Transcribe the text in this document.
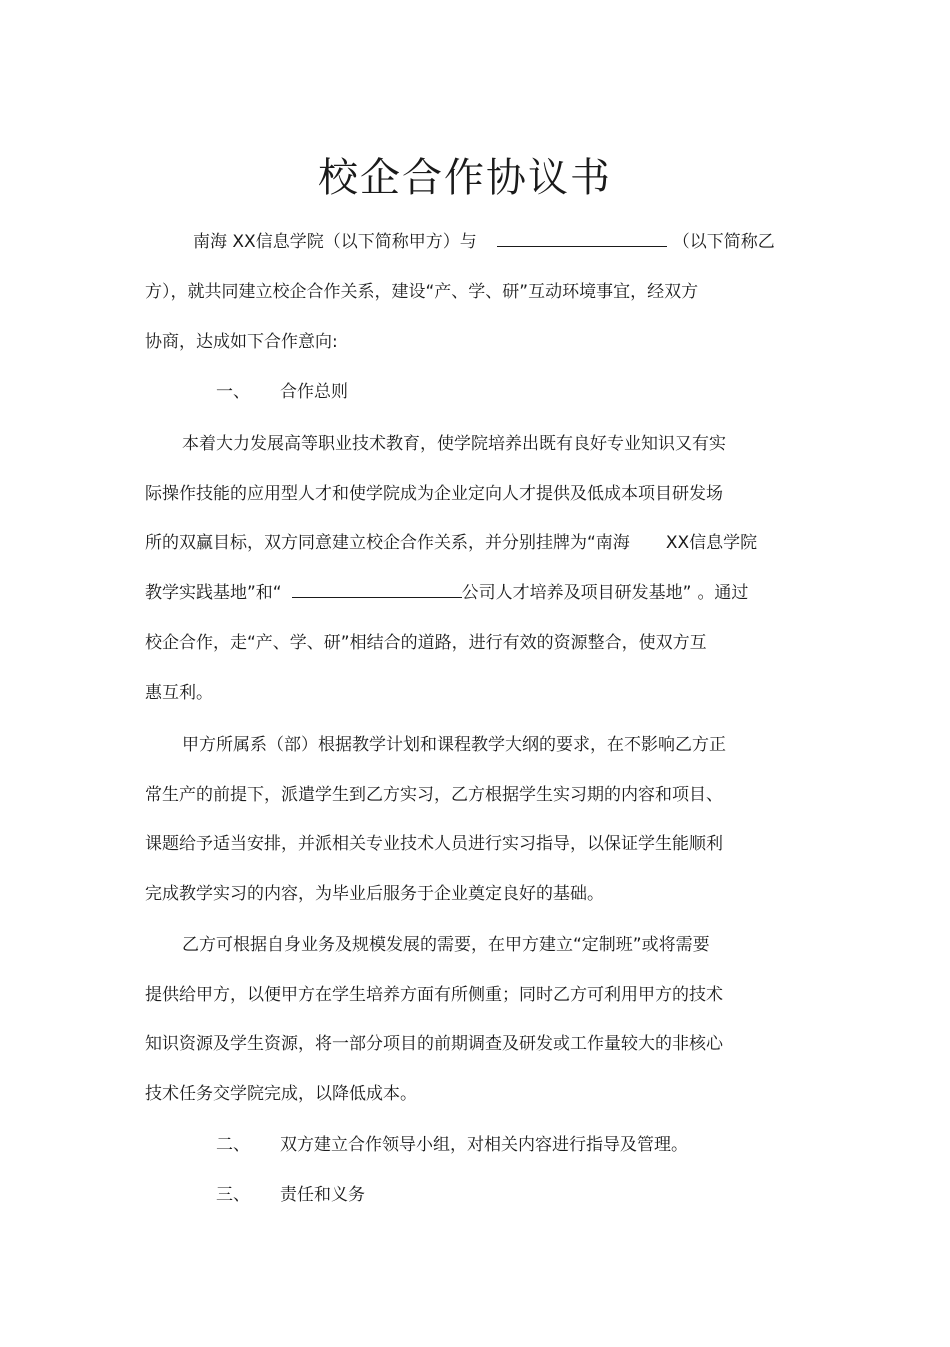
校企合作协议书
南海 XX信息学院（以下简称甲方）与	（以下简称乙
方），就共同建立校企合作关系，建设“产、学、研”互动环境事宜，经双方
协商，达成如下合作意向:
一、 合作总则
本着大力发展高等职业技术教育，使学院培养出既有良好专业知识又有实
际操作技能的应用型人才和使学院成为企业定向人才提供及低成本项目研发场
所的双赢目标，双方同意建立校企合作关系，并分别挂牌为“南海 XX信息学院
教学实践基地”和“	公司人才培养及项目研发基地” 。通过
校企合作，走“产、学、研”相结合的道路，进行有效的资源整合，使双方互
惠互利。
甲方所属系（部）根据教学计划和课程教学大纲的要求，在不影响乙方正
常生产的前提下，派遣学生到乙方实习，乙方根据学生实习期的内容和项目、
课题给予适当安排，并派相关专业技术人员进行实习指导，以保证学生能顺利
完成教学实习的内容，为毕业后服务于企业奠定良好的基础。
乙方可根据自身业务及规模发展的需要，在甲方建立“定制班”或将需要
提供给甲方，以便甲方在学生培养方面有所侧重；同时乙方可利用甲方的技术
知识资源及学生资源，将一部分项目的前期调查及研发或工作量较大的非核心
技术任务交学院完成，以降低成本。
二、 双方建立合作领导小组，对相关内容进行指导及管理。
三、 责任和义务
